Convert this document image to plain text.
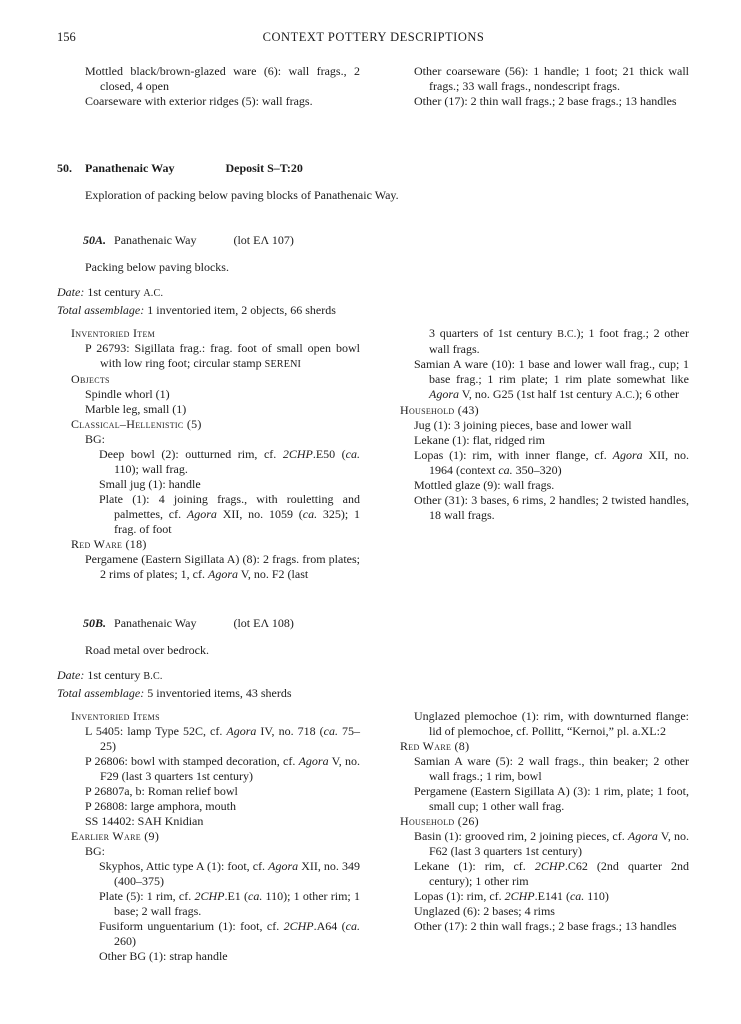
156	CONTEXT POTTERY DESCRIPTIONS
Mottled black/brown-glazed ware (6): wall frags., 2 closed, 4 open
Coarseware with exterior ridges (5): wall frags.
Other coarseware (56): 1 handle; 1 foot; 21 thick wall frags.; 33 wall frags., nondescript frags.
Other (17): 2 thin wall frags.; 2 base frags.; 13 handles
50. Panathenaic Way	Deposit S–T:20
Exploration of packing below paving blocks of Panathenaic Way.
50A. Panathenaic Way	(lot EΛ 107)
Packing below paving blocks.
Date: 1st century A.C.
Total assemblage: 1 inventoried item, 2 objects, 66 sherds
Inventoried Item
P 26793: Sigillata frag.: frag. foot of small open bowl with low ring foot; circular stamp SERENI
Objects
Spindle whorl (1)
Marble leg, small (1)
Classical–Hellenistic (5)
BG:
Deep bowl (2): outturned rim, cf. 2CHP.E50 (ca. 110); wall frag.
Small jug (1): handle
Plate (1): 4 joining frags., with rouletting and palmettes, cf. Agora XII, no. 1059 (ca. 325); 1 frag. of foot
Red Ware (18)
Pergamene (Eastern Sigillata A) (8): 2 frags. from plates; 2 rims of plates; 1, cf. Agora V, no. F2 (last
3 quarters of 1st century B.C.); 1 foot frag.; 2 other wall frags.
Samian A ware (10): 1 base and lower wall frag., cup; 1 base frag.; 1 rim plate; 1 rim plate somewhat like Agora V, no. G25 (1st half 1st century A.C.); 6 other
Household (43)
Jug (1): 3 joining pieces, base and lower wall
Lekane (1): flat, ridged rim
Lopas (1): rim, with inner flange, cf. Agora XII, no. 1964 (context ca. 350–320)
Mottled glaze (9): wall frags.
Other (31): 3 bases, 6 rims, 2 handles; 2 twisted handles, 18 wall frags.
50B. Panathenaic Way	(lot EΛ 108)
Road metal over bedrock.
Date: 1st century B.C.
Total assemblage: 5 inventoried items, 43 sherds
Inventoried Items
L 5405: lamp Type 52C, cf. Agora IV, no. 718 (ca. 75–25)
P 26806: bowl with stamped decoration, cf. Agora V, no. F29 (last 3 quarters 1st century)
P 26807a, b: Roman relief bowl
P 26808: large amphora, mouth
SS 14402: SAH Knidian
Earlier Ware (9)
BG:
Skyphos, Attic type A (1): foot, cf. Agora XII, no. 349 (400–375)
Plate (5): 1 rim, cf. 2CHP.E1 (ca. 110); 1 other rim; 1 base; 2 wall frags.
Fusiform unguentarium (1): foot, cf. 2CHP.A64 (ca. 260)
Other BG (1): strap handle
Unglazed plemochoe (1): rim, with downturned flange: lid of plemochoe, cf. Pollitt, “Kernoi,” pl. a.XL:2
Red Ware (8)
Samian A ware (5): 2 wall frags., thin beaker; 2 other wall frags.; 1 rim, bowl
Pergamene (Eastern Sigillata A) (3): 1 rim, plate; 1 foot, small cup; 1 other wall frag.
Household (26)
Basin (1): grooved rim, 2 joining pieces, cf. Agora V, no. F62 (last 3 quarters 1st century)
Lekane (1): rim, cf. 2CHP.C62 (2nd quarter 2nd century); 1 other rim
Lopas (1): rim, cf. 2CHP.E141 (ca. 110)
Unglazed (6): 2 bases; 4 rims
Other (17): 2 thin wall frags.; 2 base frags.; 13 handles
